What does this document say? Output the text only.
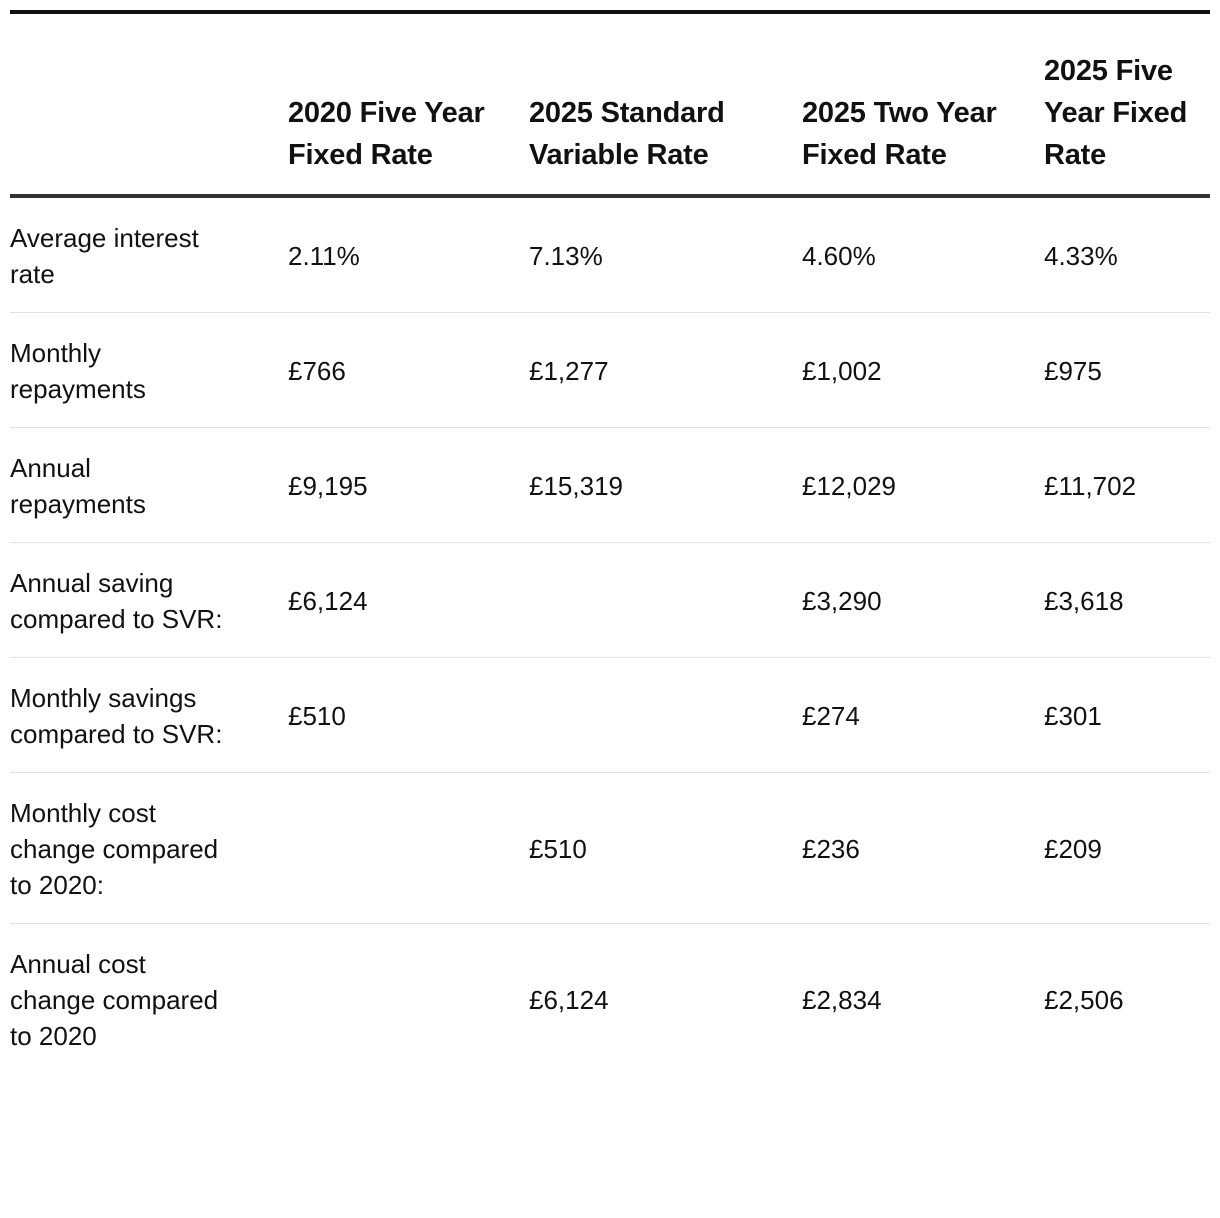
	2020 Five Year Fixed Rate	2025 Standard Variable Rate	2025 Two Year Fixed Rate	2025 Five Year Fixed Rate
Average interest rate	2.11%	7.13%	4.60%	4.33%
Monthly repayments	£766	£1,277	£1,002	£975
Annual repayments	£9,195	£15,319	£12,029	£11,702
Annual saving compared to SVR:	£6,124		£3,290	£3,618
Monthly savings compared to SVR:	£510		£274	£301
Monthly cost change compared to 2020:		£510	£236	£209
Annual cost change compared to 2020		£6,124	£2,834	£2,506
